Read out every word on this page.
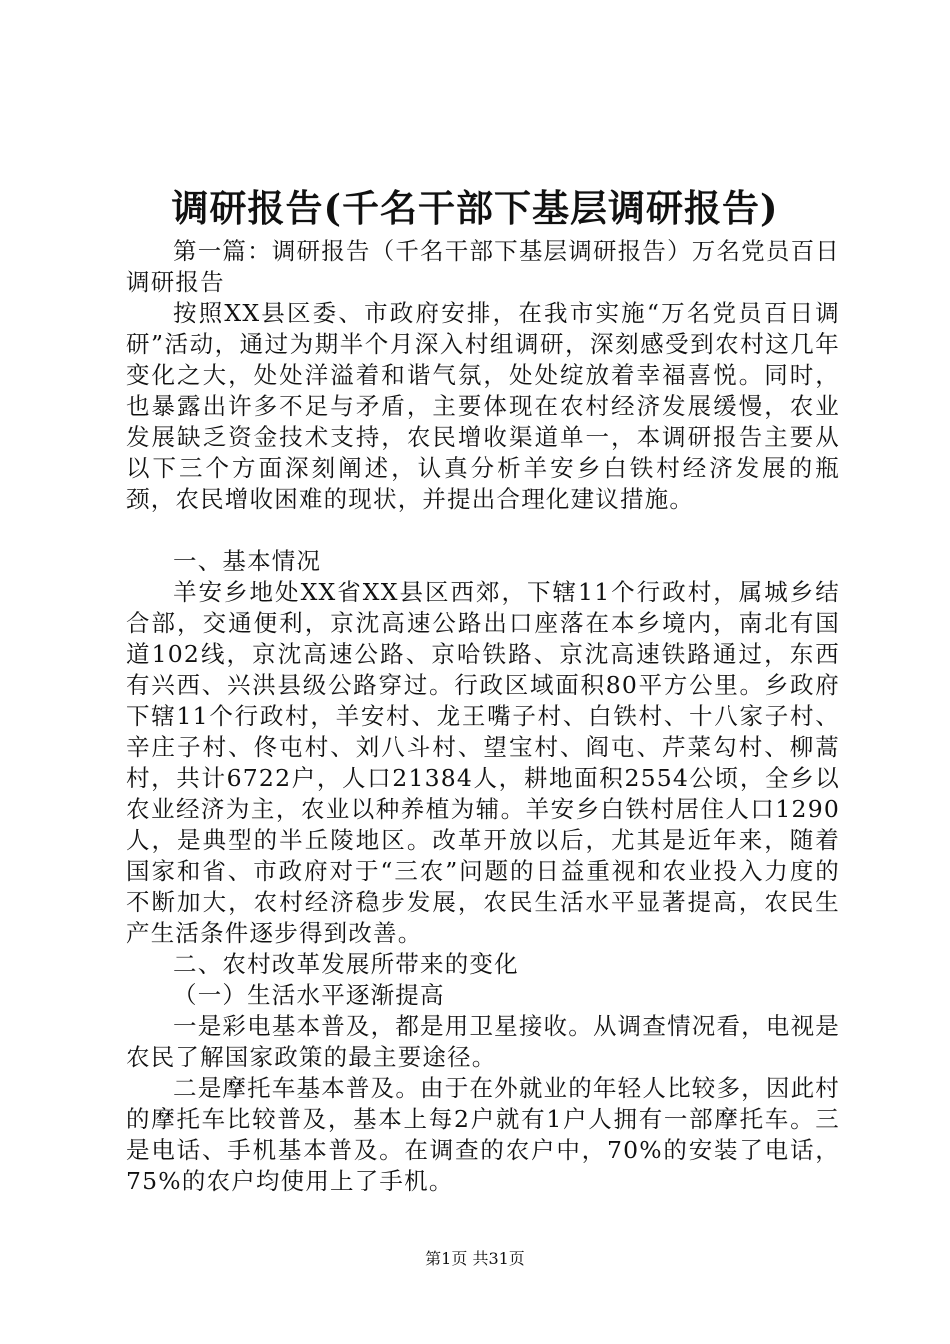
调研报告(千名干部下基层调研报告)

第一篇：调研报告（千名干部下基层调研报告）万名党员百日调研报告

按照XX县区委、市政府安排，在我市实施“万名党员百日调研”活动，通过为期半个月深入村组调研，深刻感受到农村这几年变化之大，处处洋溢着和谐气氛，处处绽放着幸福喜悦。同时，也暴露出许多不足与矛盾，主要体现在农村经济发展缓慢，农业发展缺乏资金技术支持，农民增收渠道单一，本调研报告主要从以下三个方面深刻阐述，认真分析羊安乡白铁村经济发展的瓶颈，农民增收困难的现状，并提出合理化建议措施。

一、基本情况

羊安乡地处XX省XX县区西郊，下辖11个行政村，属城乡结合部，交通便利，京沈高速公路出口座落在本乡境内，南北有国道102线，京沈高速公路、京哈铁路、京沈高速铁路通过，东西有兴西、兴洪县级公路穿过。行政区域面积80平方公里。乡政府下辖11个行政村，羊安村、龙王嘴子村、白铁村、十八家子村、辛庄子村、佟屯村、刘八斗村、望宝村、阎屯、芹菜勾村、柳蒿村，共计6722户，人口21384人，耕地面积2554公顷，全乡以农业经济为主，农业以种养植为辅。羊安乡白铁村居住人口1290人，是典型的半丘陵地区。改革开放以后，尤其是近年来，随着国家和省、市政府对于“三农”问题的日益重视和农业投入力度的不断加大，农村经济稳步发展，农民生活水平显著提高，农民生产生活条件逐步得到改善。

二、农村改革发展所带来的变化

（一）生活水平逐渐提高

一是彩电基本普及，都是用卫星接收。从调查情况看，电视是农民了解国家政策的最主要途径。

二是摩托车基本普及。由于在外就业的年轻人比较多，因此村的摩托车比较普及，基本上每2户就有1户人拥有一部摩托车。三是电话、手机基本普及。在调查的农户中，70%的安装了电话，75%的农户均使用上了手机。

第1页 共31页
